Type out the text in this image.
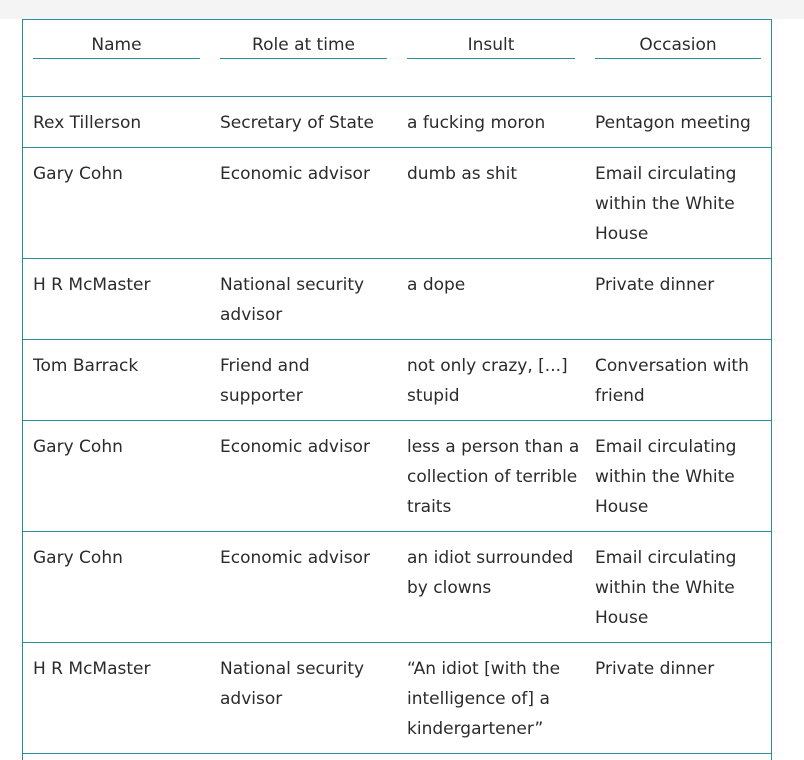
Name	Role at time	Insult	Occasion

Rex Tillerson	Secretary of State	a fucking moron	Pentagon meeting
Gary Cohn	Economic advisor	dumb as shit	Email circulating within the White House
H R McMaster	National security advisor	a dope	Private dinner
Tom Barrack	Friend and supporter	not only crazy, [...] stupid	Conversation with friend
Gary Cohn	Economic advisor	less a person than a collection of terrible traits	Email circulating within the White House
Gary Cohn	Economic advisor	an idiot surrounded by clowns	Email circulating within the White House
H R McMaster	National security advisor	“An idiot [with the intelligence of] a kindergartener”	Private dinner
